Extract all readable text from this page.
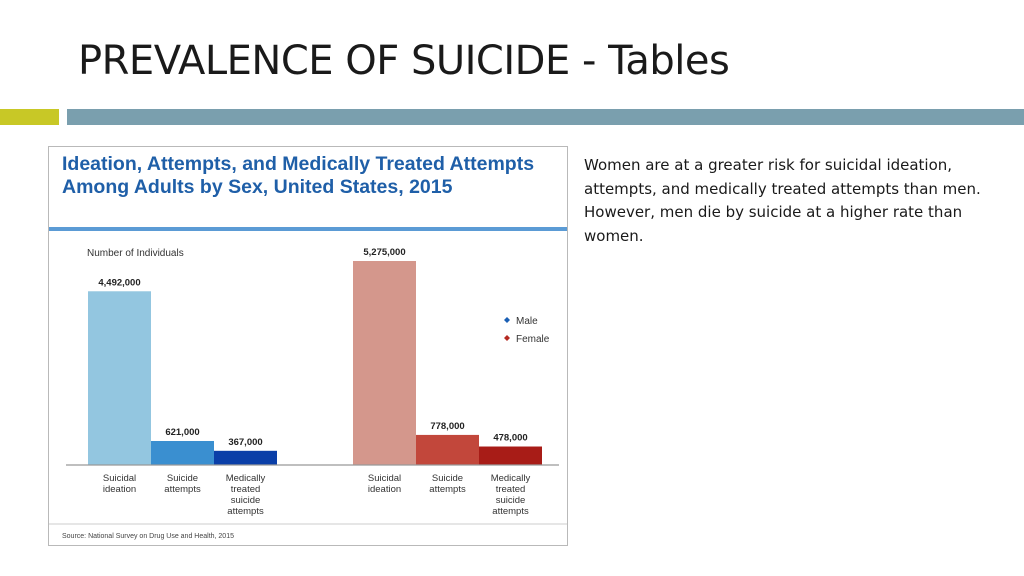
PREVALENCE OF SUICIDE - Tables
Ideation, Attempts, and Medically Treated Attempts Among Adults by Sex, United States, 2015
Number of Individuals
4,492,000
Suicidal ideation
621,000
Suicide attempts
367,000
Medically treated suicide attempts
5,275,000
Suicidal ideation
778,000
Suicide attempts
478,000
Medically treated suicide attempts
Male
Female
Source: National Survey on Drug Use and Health, 2015
Women are at a greater risk for suicidal ideation, attempts, and medically treated attempts than men. However, men die by suicide at a higher rate than women.
